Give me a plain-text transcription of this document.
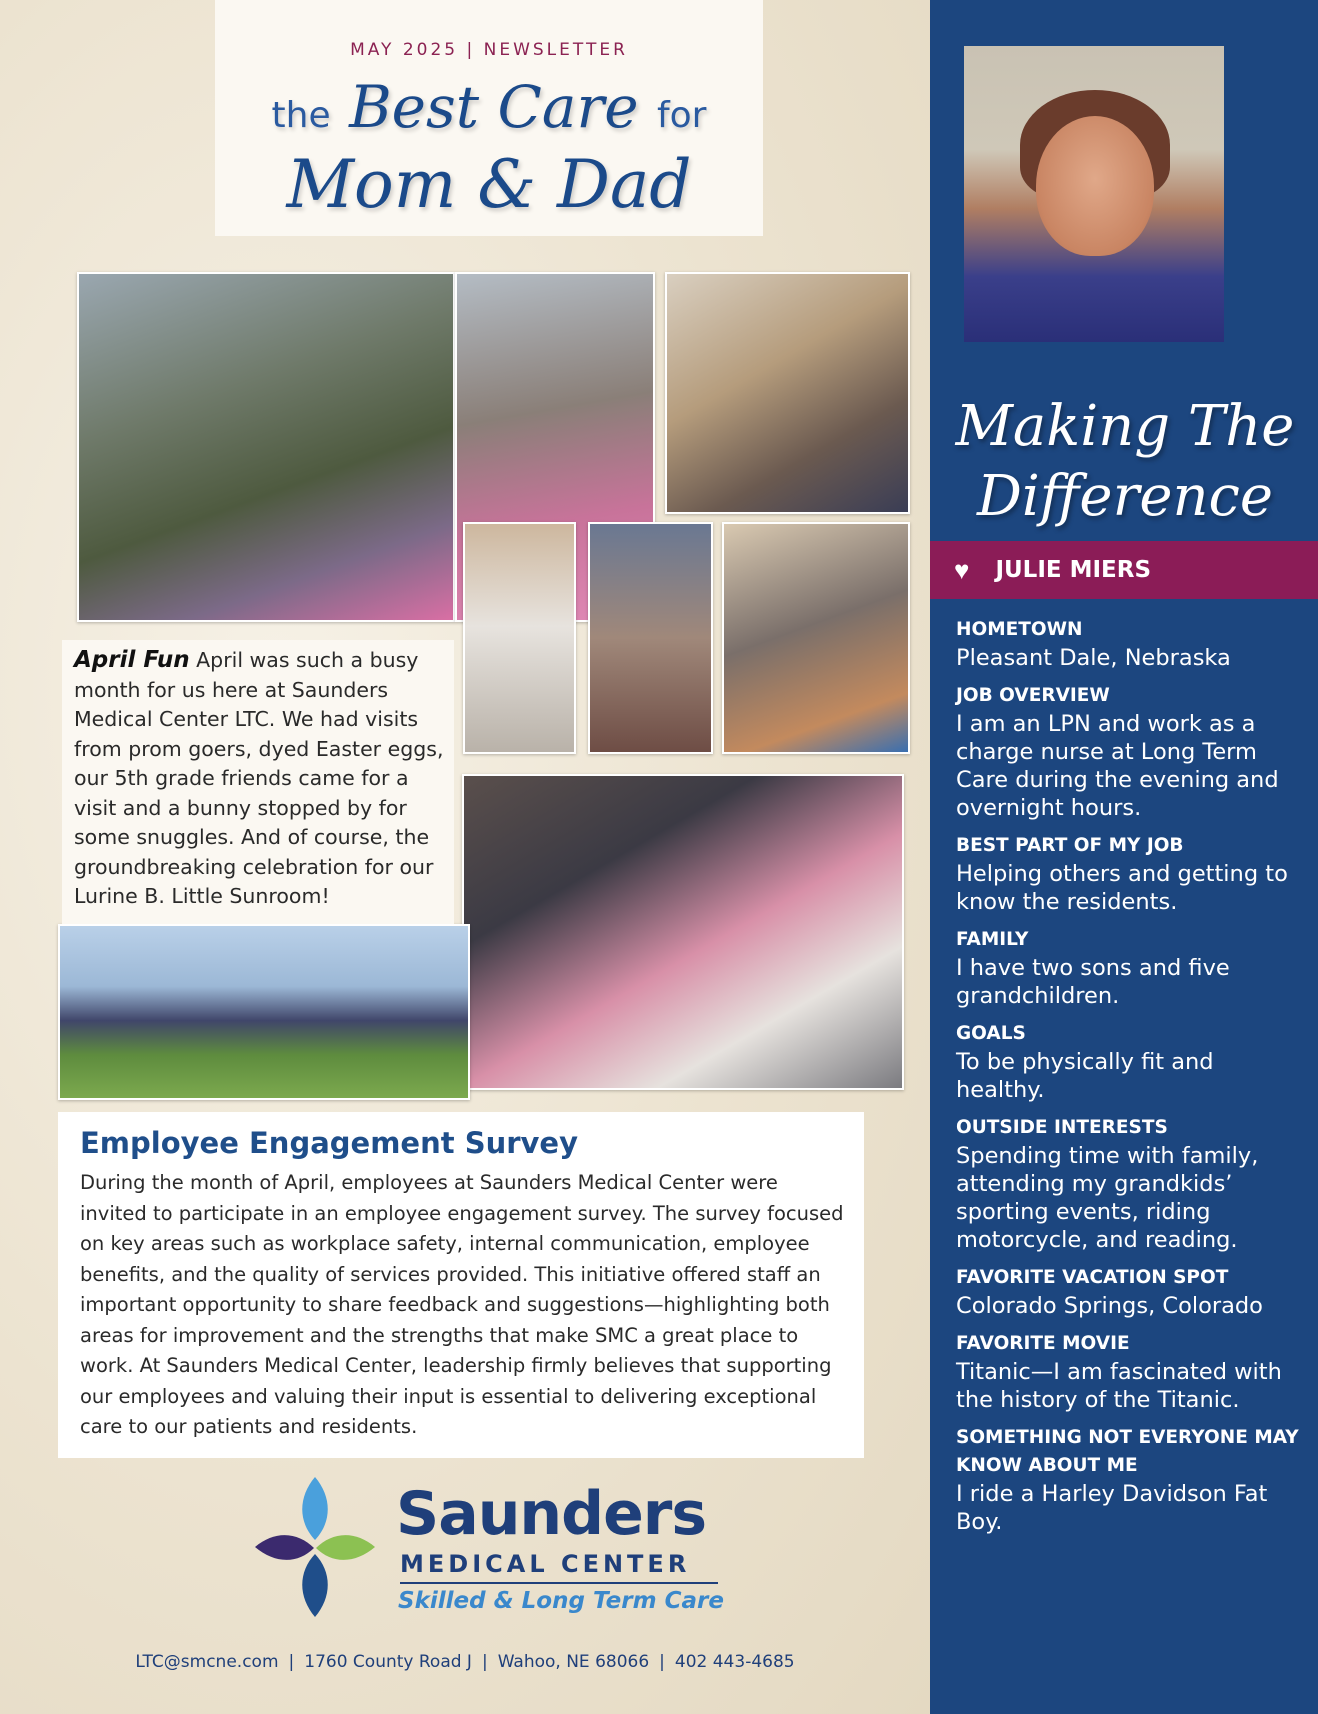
MAY 2025 | NEWSLETTER
the Best Care for
Mom & Dad
April Fun April was such a busy month for us here at Saunders Medical Center LTC. We had visits from prom goers, dyed Easter eggs, our 5th grade friends came for a visit and a bunny stopped by for some snuggles. And of course, the groundbreaking celebration for our Lurine B. Little Sunroom!
Employee Engagement Survey

During the month of April, employees at Saunders Medical Center were invited to participate in an employee engagement survey. The survey focused on key areas such as workplace safety, internal communication, employee benefits, and the quality of services provided. This initiative offered staff an important opportunity to share feedback and suggestions—highlighting both areas for improvement and the strengths that make SMC a great place to work. At Saunders Medical Center, leadership firmly believes that supporting our employees and valuing their input is essential to delivering exceptional care to our patients and residents.

Saunders
MEDICAL CENTER
Skilled & Long Term Care
LTC@smcne.com | 1760 County Road J | Wahoo, NE 68066 | 402 443-4685
Making The
Difference
♥ JULIE MIERS

HOMETOWN

Pleasant Dale, Nebraska

JOB OVERVIEW

I am an LPN and work as a charge nurse at Long Term Care during the evening and overnight hours.

BEST PART OF MY JOB

Helping others and getting to know the residents.

FAMILY

I have two sons and five grandchildren.

GOALS

To be physically fit and healthy.

OUTSIDE INTERESTS

Spending time with family, attending my grandkids’ sporting events, riding motorcycle, and reading.

FAVORITE VACATION SPOT

Colorado Springs, Colorado

FAVORITE MOVIE

Titanic—I am fascinated with the history of the Titanic.

SOMETHING NOT EVERYONE MAY KNOW ABOUT ME

I ride a Harley Davidson Fat Boy.
